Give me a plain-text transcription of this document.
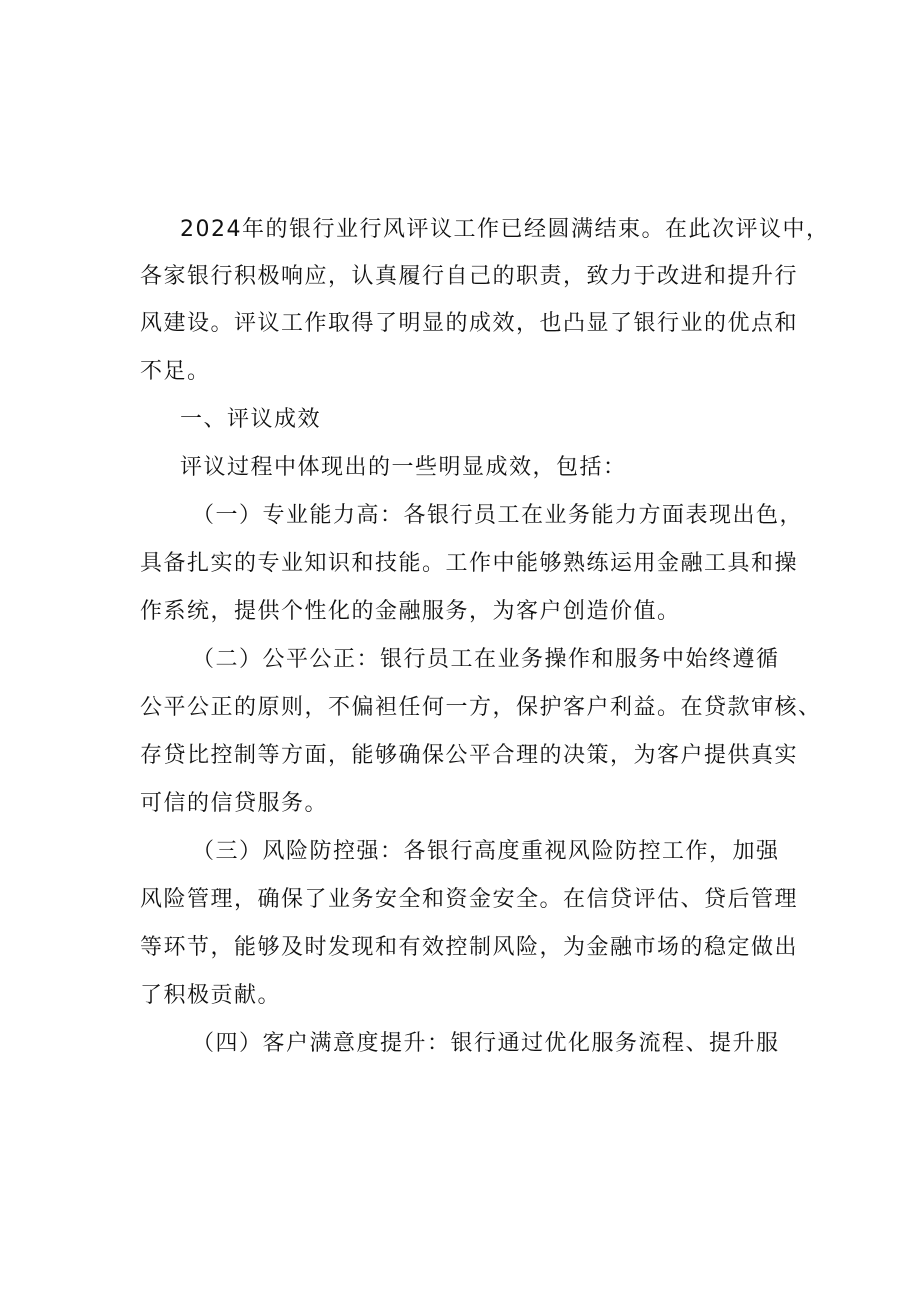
2024年的银行业行风评议工作已经圆满结束。在此次评议中，
各家银行积极响应，认真履行自己的职责，致力于改进和提升行
风建设。评议工作取得了明显的成效，也凸显了银行业的优点和
不足。
一、评议成效
评议过程中体现出的一些明显成效，包括：
（一）专业能力高：各银行员工在业务能力方面表现出色，
具备扎实的专业知识和技能。工作中能够熟练运用金融工具和操
作系统，提供个性化的金融服务，为客户创造价值。
（二）公平公正：银行员工在业务操作和服务中始终遵循
公平公正的原则，不偏袒任何一方，保护客户利益。在贷款审核、
存贷比控制等方面，能够确保公平合理的决策，为客户提供真实
可信的信贷服务。
（三）风险防控强：各银行高度重视风险防控工作，加强
风险管理，确保了业务安全和资金安全。在信贷评估、贷后管理
等环节，能够及时发现和有效控制风险，为金融市场的稳定做出
了积极贡献。
（四）客户满意度提升：银行通过优化服务流程、提升服
